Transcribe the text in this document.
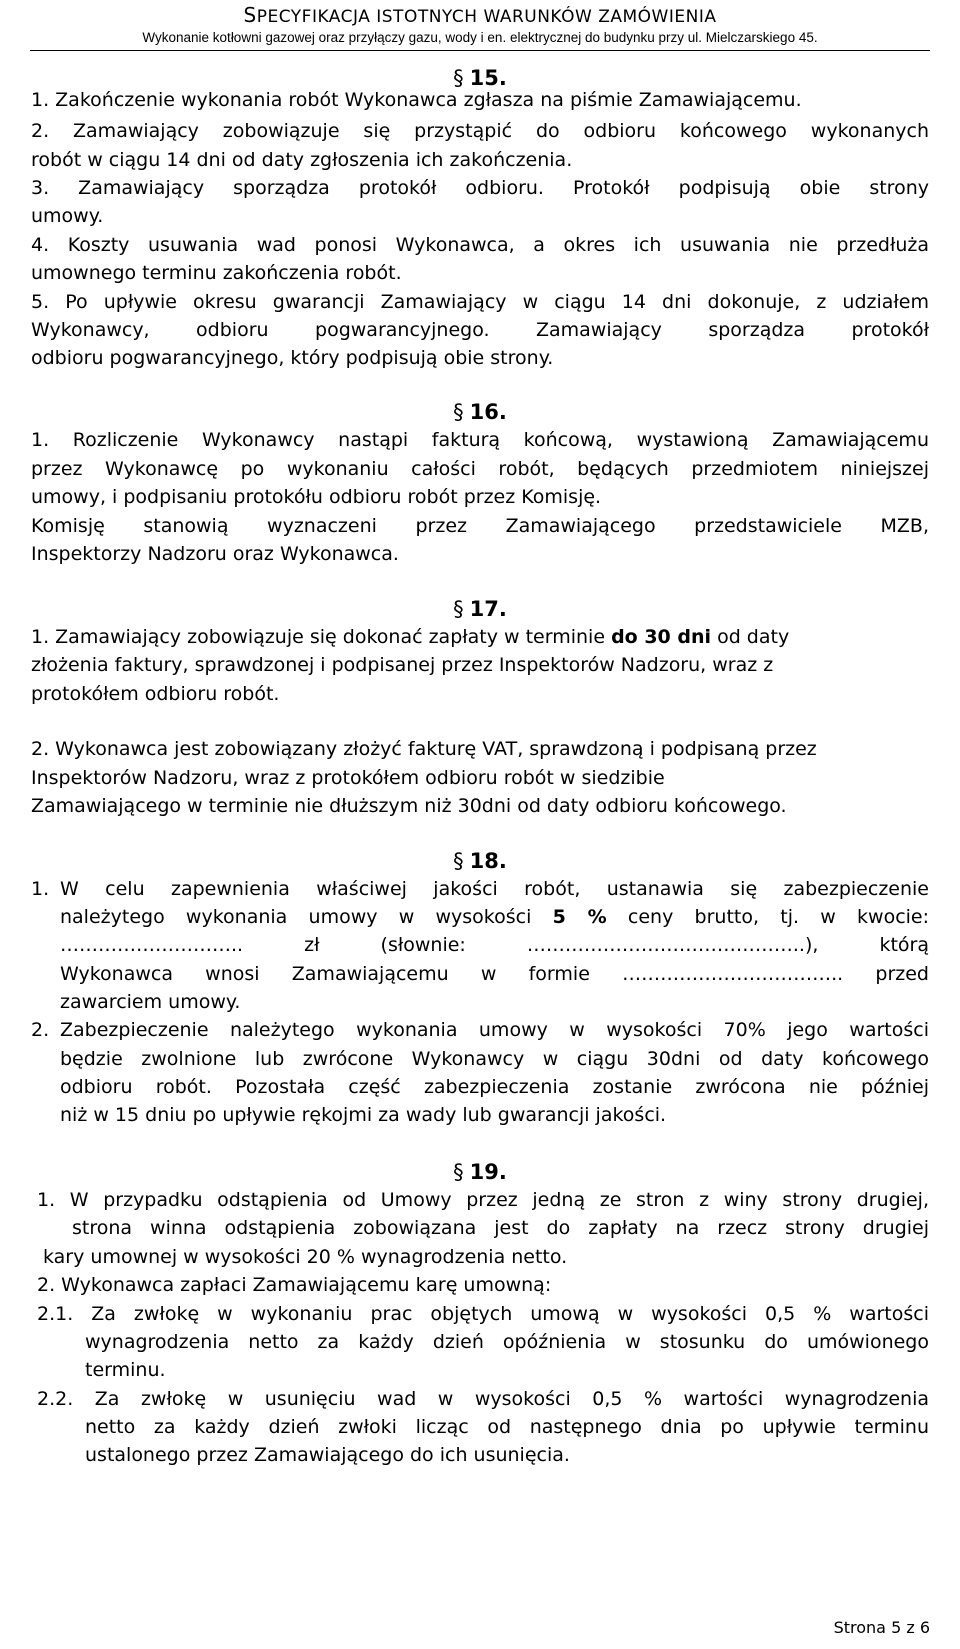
SPECYFIKACJA ISTOTNYCH WARUNKÓW ZAMÓWIENIA
Wykonanie kotłowni gazowej oraz przyłączy gazu, wody i en. elektrycznej do budynku przy ul. Mielczarskiego 45.
§ 15.
1. Zakończenie wykonania robót Wykonawca zgłasza na piśmie Zamawiającemu.
2. Zamawiający zobowiązuje się przystąpić do odbioru końcowego wykonanych
robót w ciągu 14 dni od daty zgłoszenia ich zakończenia.
3. Zamawiający sporządza protokół odbioru. Protokół podpisują obie strony
umowy.
4. Koszty usuwania wad ponosi Wykonawca, a okres ich usuwania nie przedłuża
umownego terminu zakończenia robót.
5. Po upływie okresu gwarancji Zamawiający w ciągu 14 dni dokonuje, z udziałem
Wykonawcy, odbioru pogwarancyjnego. Zamawiający sporządza protokół
odbioru pogwarancyjnego, który podpisują obie strony.
§ 16.
1. Rozliczenie Wykonawcy nastąpi fakturą końcową, wystawioną Zamawiającemu
przez Wykonawcę po wykonaniu całości robót, będących przedmiotem niniejszej
umowy, i podpisaniu protokółu odbioru robót przez Komisję.
Komisję stanowią wyznaczeni przez Zamawiającego przedstawiciele MZB,
Inspektorzy Nadzoru oraz Wykonawca.
§ 17.
1. Zamawiający zobowiązuje się dokonać zapłaty w terminie do 30 dni od daty
złożenia faktury, sprawdzonej i podpisanej przez Inspektorów Nadzoru, wraz z
protokółem odbioru robót.
2. Wykonawca jest zobowiązany złożyć fakturę VAT, sprawdzoną i podpisaną przez
Inspektorów Nadzoru, wraz z protokółem odbioru robót w siedzibie
Zamawiającego w terminie nie dłuższym niż 30dni od daty odbioru końcowego.
§ 18.
1. W celu zapewnienia właściwej jakości robót, ustanawia się zabezpieczenie
należytego wykonania umowy w wysokości 5 % ceny brutto, tj. w kwocie:
……………………….. zł (słownie: ……………………………………..), którą
Wykonawca wnosi Zamawiającemu w formie …………………………….. przed
zawarciem umowy.
2. Zabezpieczenie należytego wykonania umowy w wysokości 70% jego wartości
będzie zwolnione lub zwrócone Wykonawcy w ciągu 30dni od daty końcowego
odbioru robót. Pozostała część zabezpieczenia zostanie zwrócona nie później
niż w 15 dniu po upływie rękojmi za wady lub gwarancji jakości.
§ 19.
1. W przypadku odstąpienia od Umowy przez jedną ze stron z winy strony drugiej,
strona winna odstąpienia zobowiązana jest do zapłaty na rzecz strony drugiej
kary umownej w wysokości 20 % wynagrodzenia netto.
2. Wykonawca zapłaci Zamawiającemu karę umowną:
2.1. Za zwłokę w wykonaniu prac objętych umową w wysokości 0,5 % wartości
wynagrodzenia netto za każdy dzień opóźnienia w stosunku do umówionego
terminu.
2.2. Za zwłokę w usunięciu wad w wysokości 0,5 % wartości wynagrodzenia
netto za każdy dzień zwłoki licząc od następnego dnia po upływie terminu
ustalonego przez Zamawiającego do ich usunięcia.
Strona 5 z 6
